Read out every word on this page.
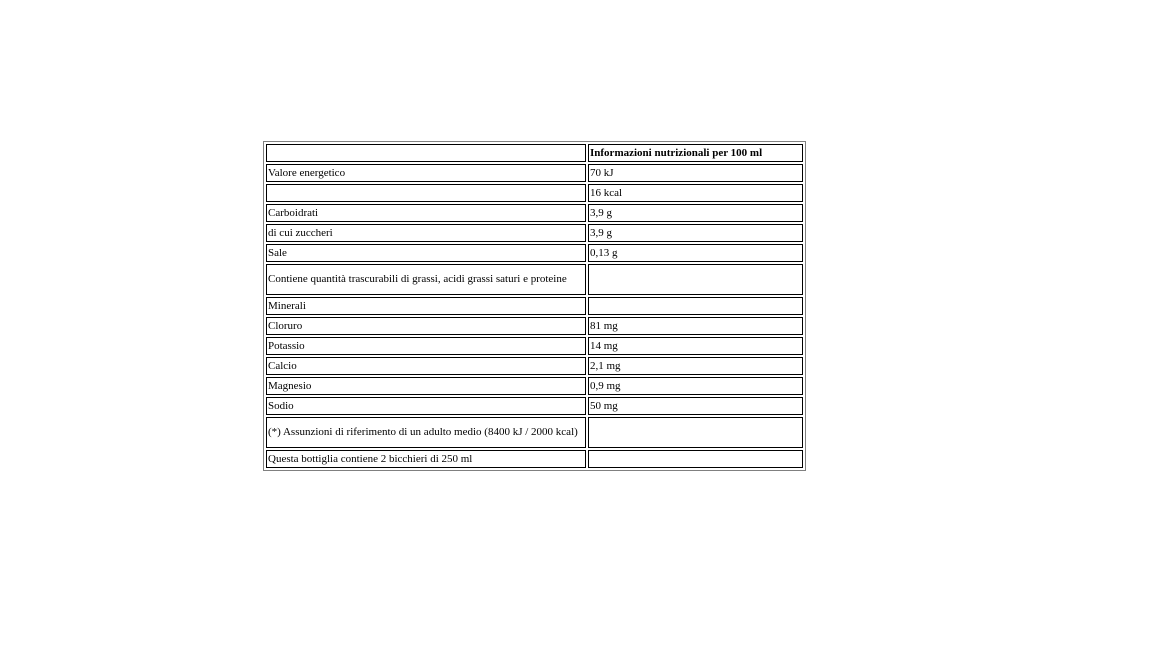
	Informazioni nutrizionali per 100 ml
Valore energetico	70 kJ
	16 kcal
Carboidrati	3,9 g
di cui zuccheri	3,9 g
Sale	0,13 g
Contiene quantità trascurabili di grassi, acidi grassi saturi e proteine	
Minerali	
Cloruro	81 mg
Potassio	14 mg
Calcio	2,1 mg
Magnesio	0,9 mg
Sodio	50 mg
(*) Assunzioni di riferimento di un adulto medio (8400 kJ / 2000 kcal)	
Questa bottiglia contiene 2 bicchieri di 250 ml	
